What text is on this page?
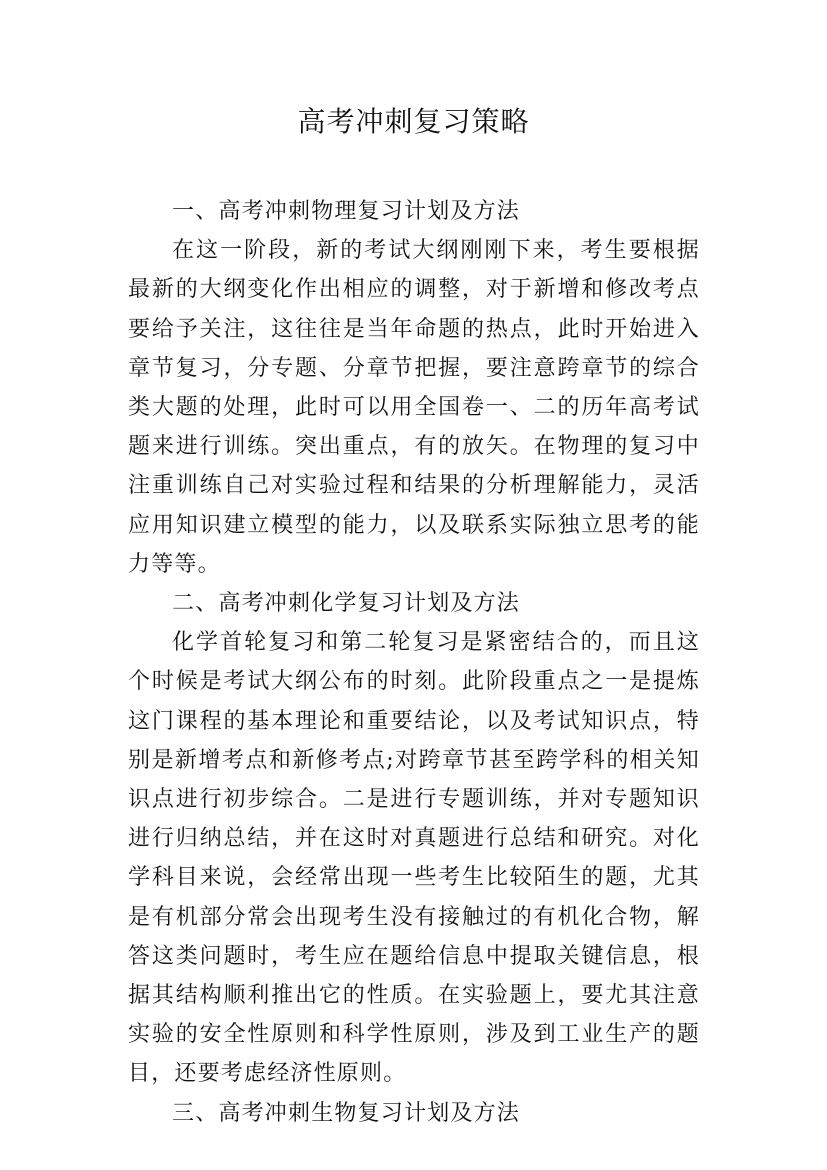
高考冲刺复习策略

一、高考冲刺物理复习计划及方法

在这一阶段，新的考试大纲刚刚下来，考生要根据最新的大纲变化作出相应的调整，对于新增和修改考点要给予关注，这往往是当年命题的热点，此时开始进入章节复习，分专题、分章节把握，要注意跨章节的综合类大题的处理，此时可以用全国卷一、二的历年高考试题来进行训练。突出重点，有的放矢。在物理的复习中注重训练自己对实验过程和结果的分析理解能力，灵活应用知识建立模型的能力，以及联系实际独立思考的能力等等。

二、高考冲刺化学复习计划及方法

化学首轮复习和第二轮复习是紧密结合的，而且这个时候是考试大纲公布的时刻。此阶段重点之一是提炼这门课程的基本理论和重要结论，以及考试知识点，特别是新增考点和新修考点;对跨章节甚至跨学科的相关知识点进行初步综合。二是进行专题训练，并对专题知识进行归纳总结，并在这时对真题进行总结和研究。对化学科目来说，会经常出现一些考生比较陌生的题，尤其是有机部分常会出现考生没有接触过的有机化合物，解答这类问题时，考生应在题给信息中提取关键信息，根据其结构顺利推出它的性质。在实验题上，要尤其注意实验的安全性原则和科学性原则，涉及到工业生产的题目，还要考虑经济性原则。

三、高考冲刺生物复习计划及方法
